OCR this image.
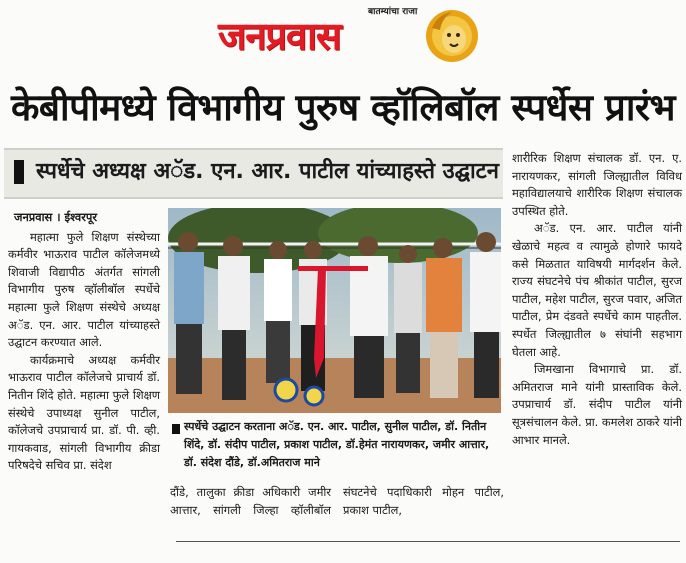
बातम्यांचा राजा
जनप्रवास
केबीपीमध्ये विभागीय पुरुष व्हॉलिबॉल स्पर्धेस प्रारंभ
स्पर्धेचे अध्यक्ष अॅड. एन. आर. पाटील यांच्याहस्ते उद्घाटन
जनप्रवास । ईश्वरपूर

महात्मा फुले शिक्षण संस्थेच्या कर्मवीर भाऊराव पाटील कॉलेजमध्ये शिवाजी विद्यापीठ अंतर्गत सांगली विभागीय पुरुष व्हॉलीबॉल स्पर्धेचे महात्मा फुले शिक्षण संस्थेचे अध्यक्ष अॅड. एन. आर. पाटील यांच्याहस्ते उद्घाटन करण्यात आले.

कार्यक्रमाचे अध्यक्ष कर्मवीर भाऊराव पाटील कॉलेजचे प्राचार्य डॉ. नितीन शिंदे होते. महात्मा फुले शिक्षण संस्थेचे उपाध्यक्ष सुनील पाटील, कॉलेजचे उपप्राचार्य प्रा. डॉ. पी. व्ही. गायकवाड, सांगली विभागीय क्रीडा परिषदेचे सचिव प्रा. संदेश

स्पर्धेचे उद्घाटन करताना अॅड. एन. आर. पाटील, सुनील पाटील, डॉ. नितीन शिंदे, डॉ. संदीप पाटील, प्रकाश पाटील, डॉ.हेमंत नारायणकर, जमीर आत्तार, डॉ. संदेश दौंडे, डॉ.अमितराज माने
दौंडे, तालुका क्रीडा अधिकारी जमीर आत्तार, सांगली जिल्हा व्हॉलीबॉल संघटनेचे पदाधिकारी मोहन पाटील, प्रकाश पाटील,

शारीरिक शिक्षण संचालक डॉ. एन. ए. नारायणकर, सांगली जिल्ह्यातील विविध महाविद्यालयाचे शारीरिक शिक्षण संचालक उपस्थित होते.

अॅड. एन. आर. पाटील यांनी खेळाचे महत्व व त्यामुळे होणारे फायदे कसे मिळतात याविषयी मार्गदर्शन केले. राज्य संघटनेचे पंच श्रीकांत पाटील, सुरज पाटील, महेश पाटील, सुरज पवार, अजित पाटील, प्रेम दंडवते स्पर्धेचे काम पाहतील. स्पर्धेत जिल्ह्यातील ७ संघांनी सहभाग घेतला आहे.

जिमखाना विभागाचे प्रा. डॉ. अमितराज माने यांनी प्रास्ताविक केले. उपप्राचार्य डॉ. संदीप पाटील यांनी सूत्रसंचालन केले. प्रा. कमलेश ठाकरे यांनी आभार मानले.
